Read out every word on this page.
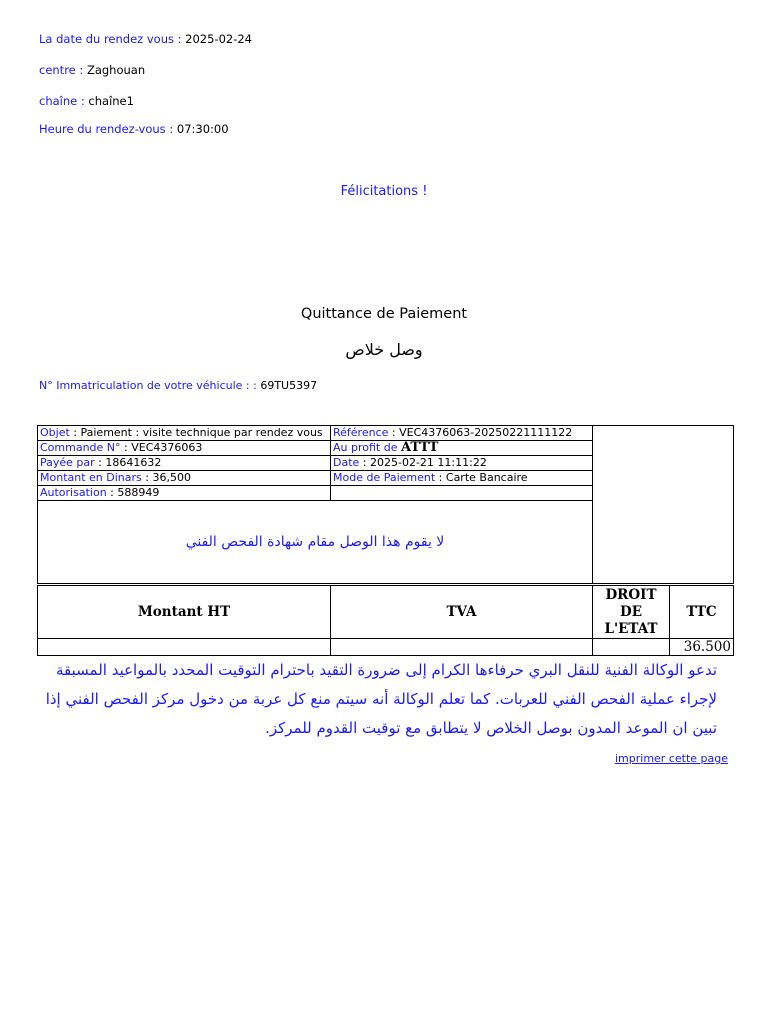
La date du rendez vous : 2025-02-24
centre : Zaghouan
chaîne : chaîne1
Heure du rendez-vous : 07:30:00
Félicitations !
Quittance de Paiement
وصل خلاص
N° Immatriculation de votre véhicule : : 69TU5397
Objet : Paiement : visite technique par rendez vous	Référence : VEC4376063-20250221111122	
Commande N° : VEC4376063	Au profit de ATTT	
Payée par : 18641632	Date : 2025-02-21 11:11:22	
Montant en Dinars : 36,500	Mode de Paiement : Carte Bancaire	
Autorisation : 588949		
لا يقوم هذا الوصل مقام شهادة الفحص الفني		
Montant HT	TVA	DROIT DE L'ETAT	TTC
			36.500
تدعو الوكالة الفنية للنقل البري حرفاءها الكرام إلى ضرورة التقيد باحترام التوقيت المحدد بالمواعيد المسبقة لإجراء عملية الفحص الفني للعربات. كما تعلم الوكالة أنه سيتم منع كل عربة من دخول مركز الفحص الفني إذا تبين ان الموعد المدون بوصل الخلاص لا يتطابق مع توقيت القدوم للمركز.
imprimer cette page
